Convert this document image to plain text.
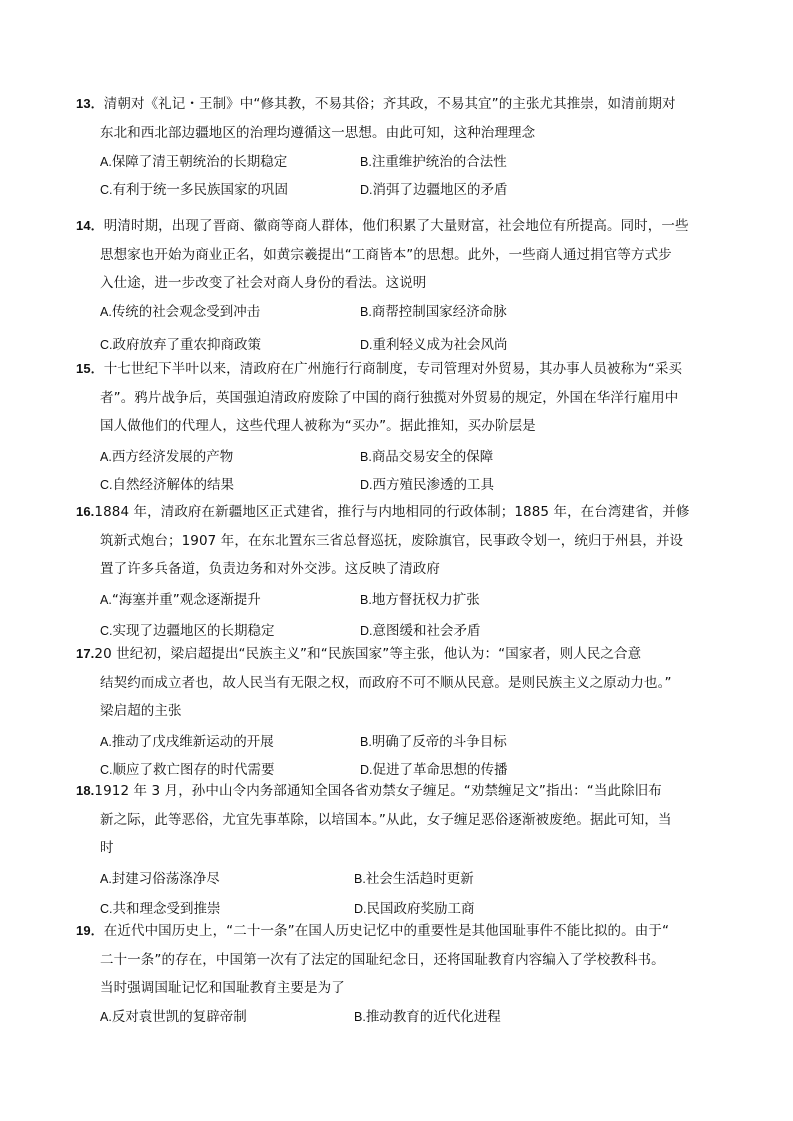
13．清朝对《礼记・王制》中“修其教，不易其俗；齐其政，不易其宜”的主张尤其推崇，如清前期对
东北和西北部边疆地区的治理均遵循这一思想。由此可知，这种治理理念
A.保障了清王朝统治的长期稳定	B.注重维护统治的合法性
C.有利于统一多民族国家的巩固	D.消弭了边疆地区的矛盾
14．明清时期，出现了晋商、徽商等商人群体，他们积累了大量财富，社会地位有所提高。同时，一些
思想家也开始为商业正名，如黄宗羲提出“工商皆本”的思想。此外，一些商人通过捐官等方式步
入仕途，进一步改变了社会对商人身份的看法。这说明
A.传统的社会观念受到冲击	B.商帮控制国家经济命脉
C.政府放弃了重农抑商政策	D.重利轻义成为社会风尚
15．十七世纪下半叶以来，清政府在广州施行行商制度，专司管理对外贸易，其办事人员被称为“采买
者”。鸦片战争后，英国强迫清政府废除了中国的商行独揽对外贸易的规定，外国在华洋行雇用中
国人做他们的代理人，这些代理人被称为“买办”。据此推知，买办阶层是
A.西方经济发展的产物	B.商品交易安全的保障
C.自然经济解体的结果	D.西方殖民渗透的工具
16.1884 年，清政府在新疆地区正式建省，推行与内地相同的行政体制；1885 年，在台湾建省，并修
筑新式炮台；1907 年，在东北置东三省总督巡抚，废除旗官，民事政令划一，统归于州县，并设
置了许多兵备道，负责边务和对外交涉。这反映了清政府
A.“海塞并重”观念逐渐提升	B.地方督抚权力扩张
C.实现了边疆地区的长期稳定	D.意图缓和社会矛盾
17.20 世纪初，梁启超提出“民族主义”和“民族国家”等主张，他认为：“国家者，则人民之合意
结契约而成立者也，故人民当有无限之权，而政府不可不顺从民意。是则民族主义之原动力也。”
梁启超的主张
A.推动了戊戌维新运动的开展	B.明确了反帝的斗争目标
C.顺应了救亡图存的时代需要	D.促进了革命思想的传播
18.1912 年 3 月，孙中山令内务部通知全国各省劝禁女子缠足。“劝禁缠足文”指出：“当此除旧布
新之际，此等恶俗，尤宜先事革除，以培国本。”从此，女子缠足恶俗逐渐被废绝。据此可知，当
时
A.封建习俗荡涤净尽	B.社会生活趋时更新
C.共和理念受到推崇	D.民国政府奖励工商
19．在近代中国历史上，“二十一条”在国人历史记忆中的重要性是其他国耻事件不能比拟的。由于“
二十一条”的存在，中国第一次有了法定的国耻纪念日，还将国耻教育内容编入了学校教科书。
当时强调国耻记忆和国耻教育主要是为了
A.反对袁世凯的复辟帝制	B.推动教育的近代化进程
